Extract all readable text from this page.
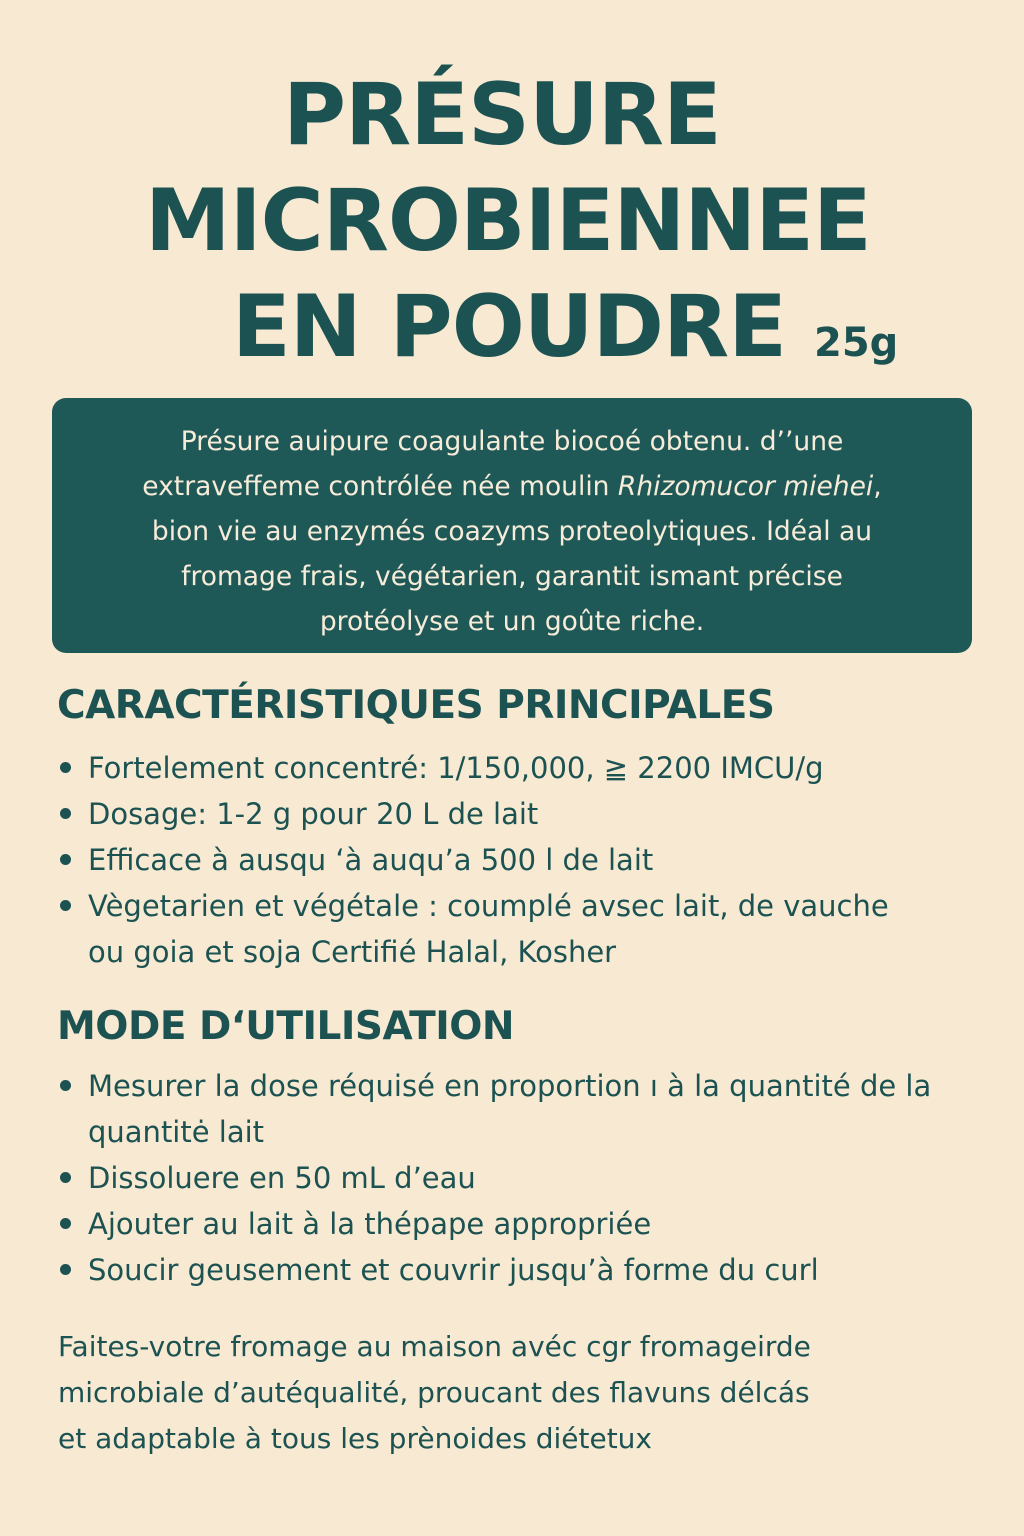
PRÉSURE
MICROBIENNEE
EN POUDRE 25g
Présure auipure coagulante biocoé obtenu. d’’une
extraveffeme contrólée née moulin Rhizomucor miehei,
bion vie au enzymés coazyms proteolytiques. Idéal au
fromage frais, végétarien, garantit ismant précise
protéolyse et un goûte riche.
CARACTÉRISTIQUES PRINCIPALES
Fortelement concentré: 1/150,000, ≧ 2200 IMCU/g
Dosage: 1-2 g pour 20 L de lait
Efficace à ausqu ‘à auqu’a 500 l de lait
Vègetarien et végétale : coumplé avsec lait, de vauche
ou goia et soja Certifié Halal, Kosher
MODE D‘UTILISATION
Mesurer la dose réquisé en proportion ı à la quantité de la
quantitė lait
Dissoluere en 50 mL d’eau
Ajouter au lait à la thépape appropriée
Soucir geusement et couvrir jusqu’à forme du curl

Faites-votre fromage au maison avéc cgr fromageirde
microbiale d’autéqualité, proucant des flavuns délcás
et adaptable à tous les prènoides diétetux
